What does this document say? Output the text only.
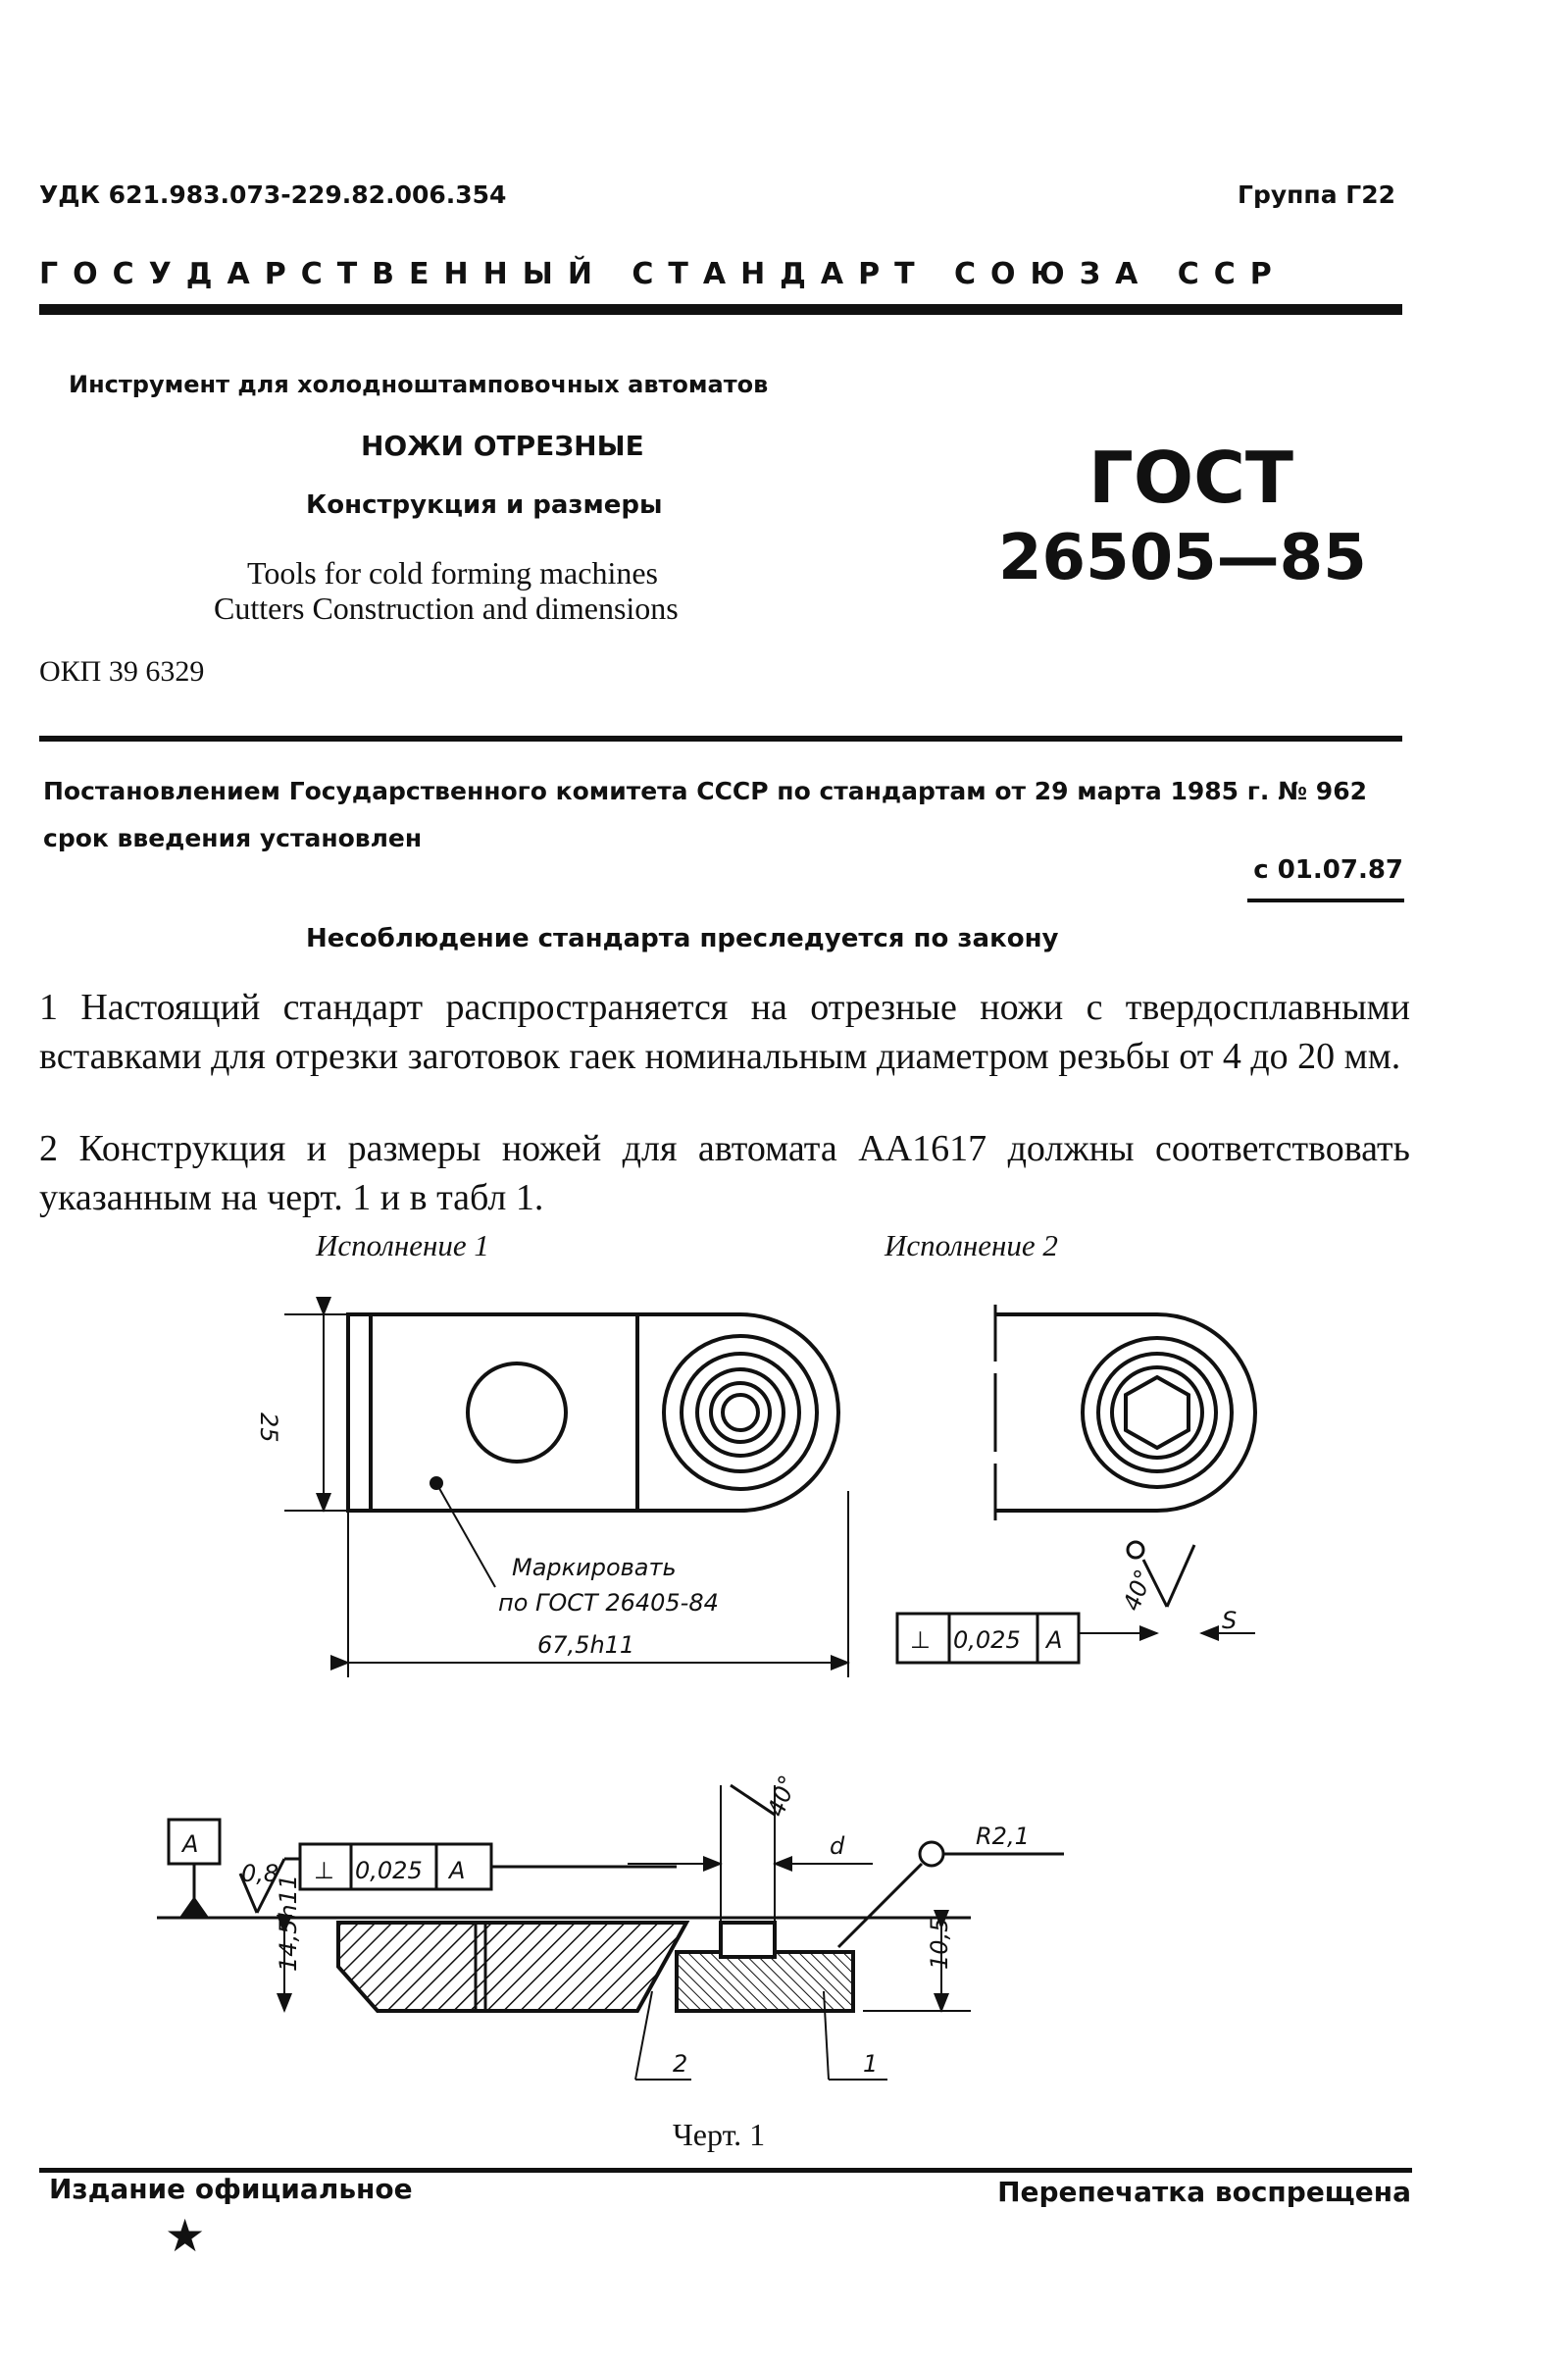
УДК 621.983.073-229.82.006.354	Группа Г22
ГОСУДАРСТВЕННЫЙ СТАНДАРТ СОЮЗА ССР
Инструмент для холодноштамповочных автоматов
НОЖИ ОТРЕЗНЫЕ
Конструкция и размеры
Tools for cold forming machines
Cutters Construction and dimensions
ГОСТ
26505—85
ОКП 39 6329
Постановлением Государственного комитета СССР по стандартам от 29 марта 1985 г. № 962 срок введения установлен
с 01.07.87
Несоблюдение стандарта преследуется по закону
1 Настоящий стандарт распространяется на отрезные ножи с твердосплавными вставками для отрезки заготовок гаек номинальным диаметром резьбы от 4 до 20 мм.
2 Конструкция и размеры ножей для автомата АА1617 должны соответствовать указанным на черт. 1 и в табл 1.
Исполнение 1	Исполнение 2
25
Маркировать
по ГОСТ 26405-84
67,5h11
40°
S
⊥ 0,025 A
A
0,8 ⊥ 0,025 A
40°
d	R2,1
14,5h11	10,5
2	1
Черт. 1
Издание официальное	Перепечатка воспрещена
★
